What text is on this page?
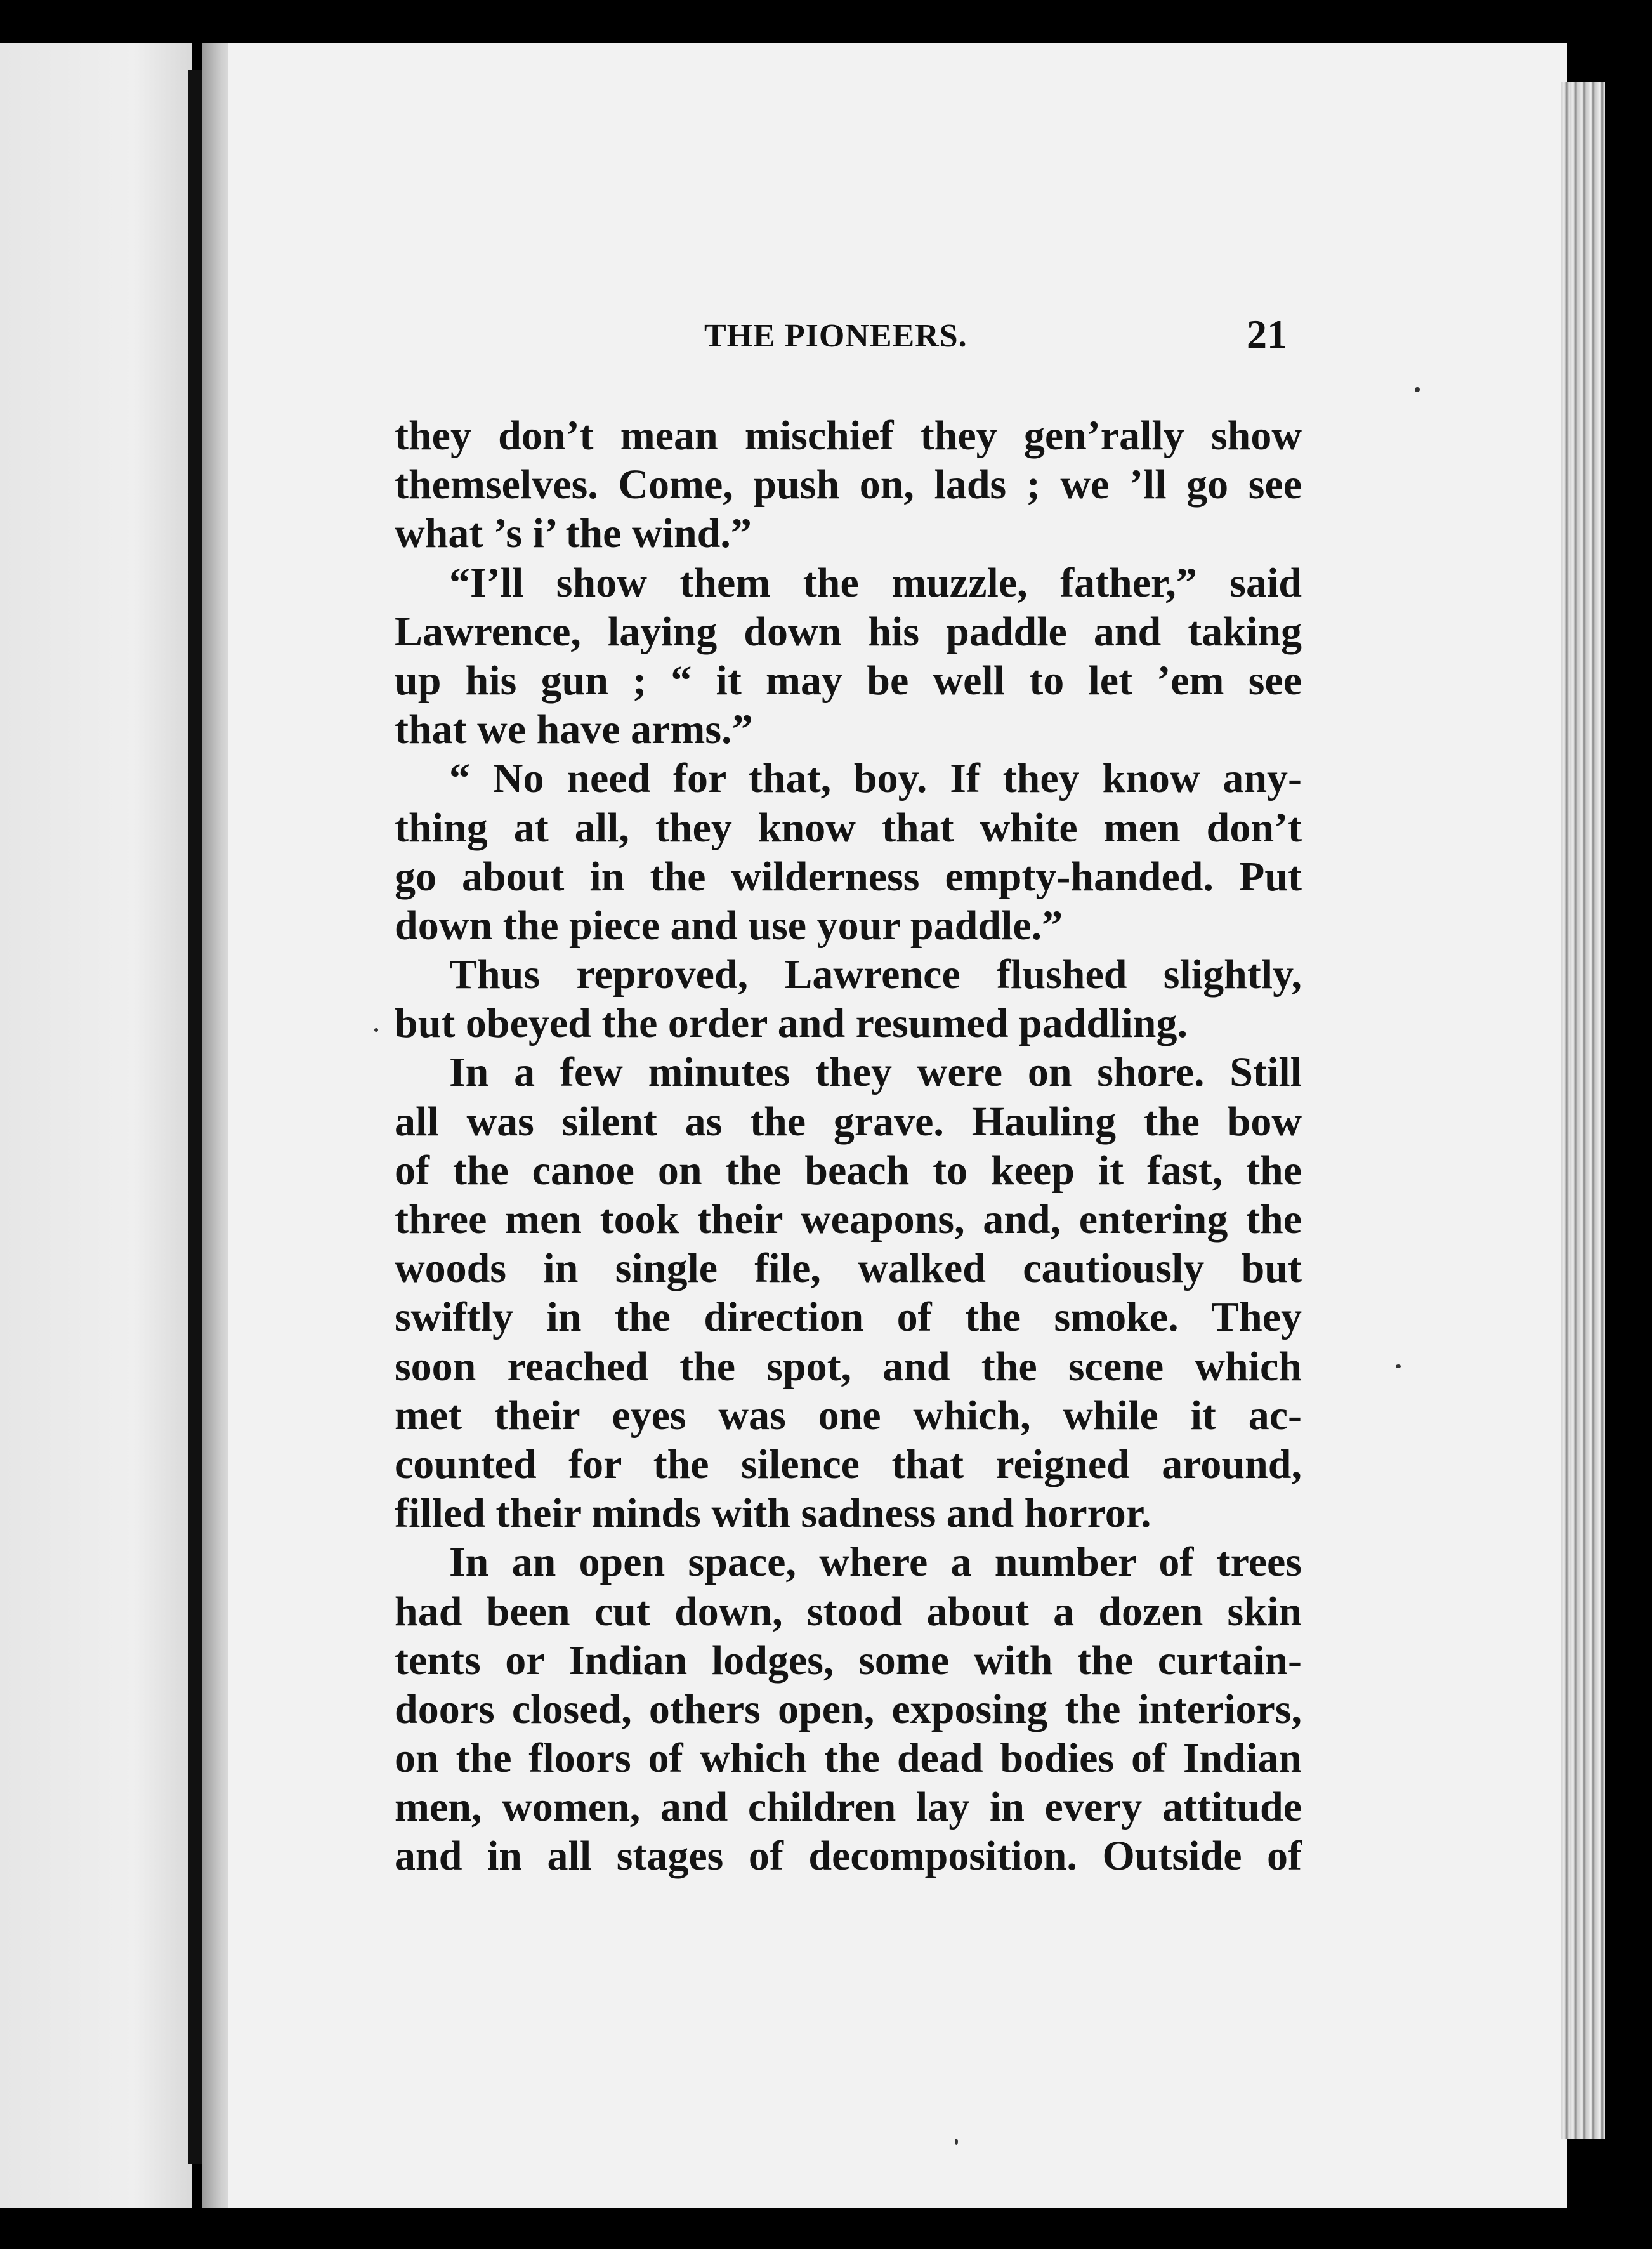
THE PIONEERS.	21
they don’t mean mischief they gen’rally show
themselves. Come, push on, lads ; we ’ll go see
what ’s i’ the wind.”
“I’ll show them the muzzle, father,” said
Lawrence, laying down his paddle and taking
up his gun ; “ it may be well to let ’em see
that we have arms.”
“ No need for that, boy. If they know any-
thing at all, they know that white men don’t
go about in the wilderness empty-handed. Put
down the piece and use your paddle.”
Thus reproved, Lawrence flushed slightly,
but obeyed the order and resumed paddling.
In a few minutes they were on shore. Still
all was silent as the grave. Hauling the bow
of the canoe on the beach to keep it fast, the
three men took their weapons, and, entering the
woods in single file, walked cautiously but
swiftly in the direction of the smoke. They
soon reached the spot, and the scene which
met their eyes was one which, while it ac-
counted for the silence that reigned around,
filled their minds with sadness and horror.
In an open space, where a number of trees
had been cut down, stood about a dozen skin
tents or Indian lodges, some with the curtain-
doors closed, others open, exposing the interiors,
on the floors of which the dead bodies of Indian
men, women, and children lay in every attitude
and in all stages of decomposition. Outside of
